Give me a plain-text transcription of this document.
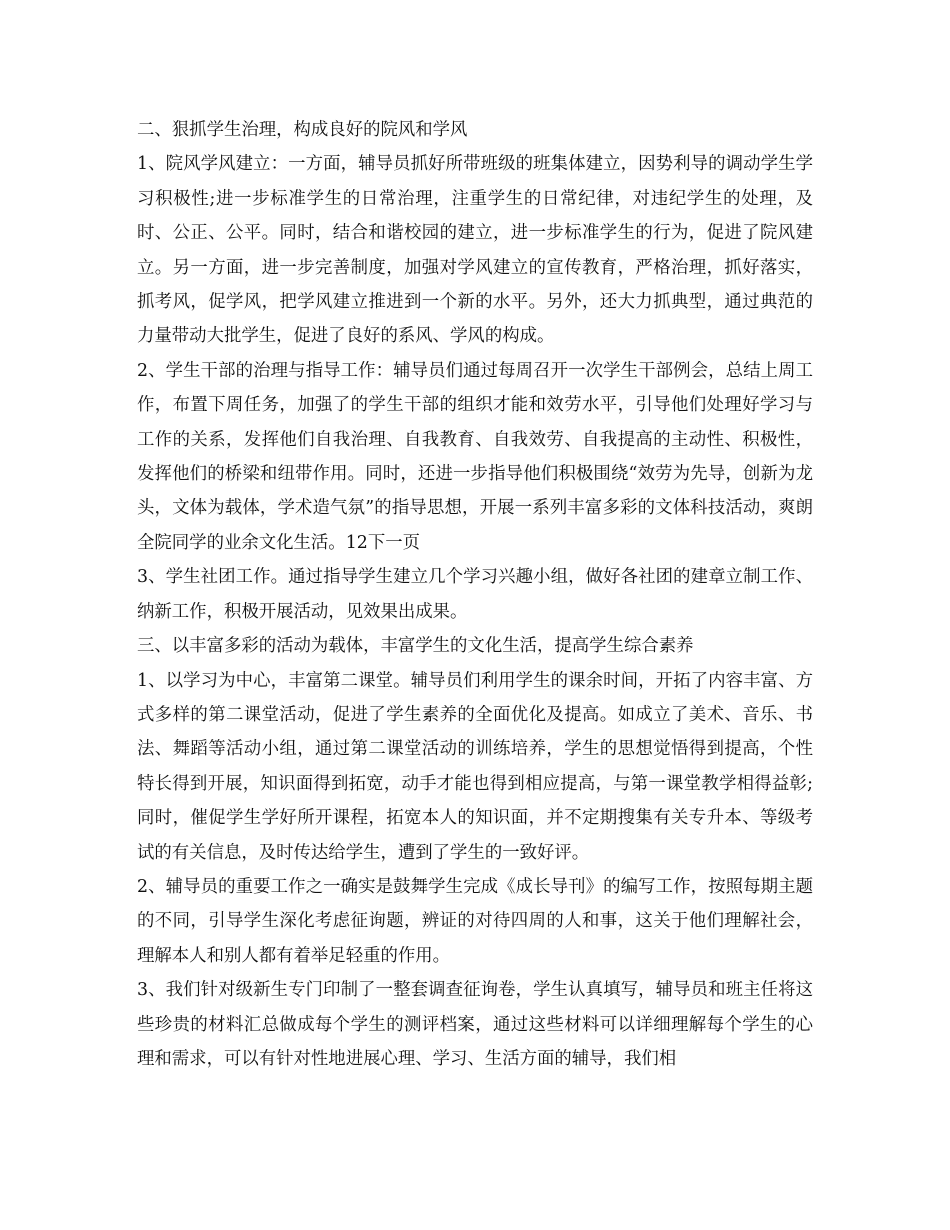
二、狠抓学生治理，构成良好的院风和学风

1、院风学风建立：一方面，辅导员抓好所带班级的班集体建立，因势利导的调动学生学习积极性;进一步标准学生的日常治理，注重学生的日常纪律，对违纪学生的处理，及时、公正、公平。同时，结合和谐校园的建立，进一步标准学生的行为，促进了院风建立。另一方面，进一步完善制度，加强对学风建立的宣传教育，严格治理，抓好落实，抓考风，促学风，把学风建立推进到一个新的水平。另外，还大力抓典型，通过典范的力量带动大批学生，促进了良好的系风、学风的构成。

2、学生干部的治理与指导工作：辅导员们通过每周召开一次学生干部例会，总结上周工作，布置下周任务，加强了的学生干部的组织才能和效劳水平，引导他们处理好学习与工作的关系，发挥他们自我治理、自我教育、自我效劳、自我提高的主动性、积极性，发挥他们的桥梁和纽带作用。同时，还进一步指导他们积极围绕“效劳为先导，创新为龙头，文体为载体，学术造气氛”的指导思想，开展一系列丰富多彩的文体科技活动，爽朗全院同学的业余文化生活。12下一页

3、学生社团工作。通过指导学生建立几个学习兴趣小组，做好各社团的建章立制工作、纳新工作，积极开展活动，见效果出成果。

三、以丰富多彩的活动为载体，丰富学生的文化生活，提高学生综合素养

1、以学习为中心，丰富第二课堂。辅导员们利用学生的课余时间，开拓了内容丰富、方式多样的第二课堂活动，促进了学生素养的全面优化及提高。如成立了美术、音乐、书法、舞蹈等活动小组，通过第二课堂活动的训练培养，学生的思想觉悟得到提高，个性特长得到开展，知识面得到拓宽，动手才能也得到相应提高，与第一课堂教学相得益彰;同时，催促学生学好所开课程，拓宽本人的知识面，并不定期搜集有关专升本、等级考试的有关信息，及时传达给学生，遭到了学生的一致好评。

2、辅导员的重要工作之一确实是鼓舞学生完成《成长导刊》的编写工作，按照每期主题的不同，引导学生深化考虑征询题，辨证的对待四周的人和事，这关于他们理解社会，理解本人和别人都有着举足轻重的作用。

3、我们针对级新生专门印制了一整套调查征询卷，学生认真填写，辅导员和班主任将这些珍贵的材料汇总做成每个学生的测评档案，通过这些材料可以详细理解每个学生的心理和需求，可以有针对性地进展心理、学习、生活方面的辅导，我们相
